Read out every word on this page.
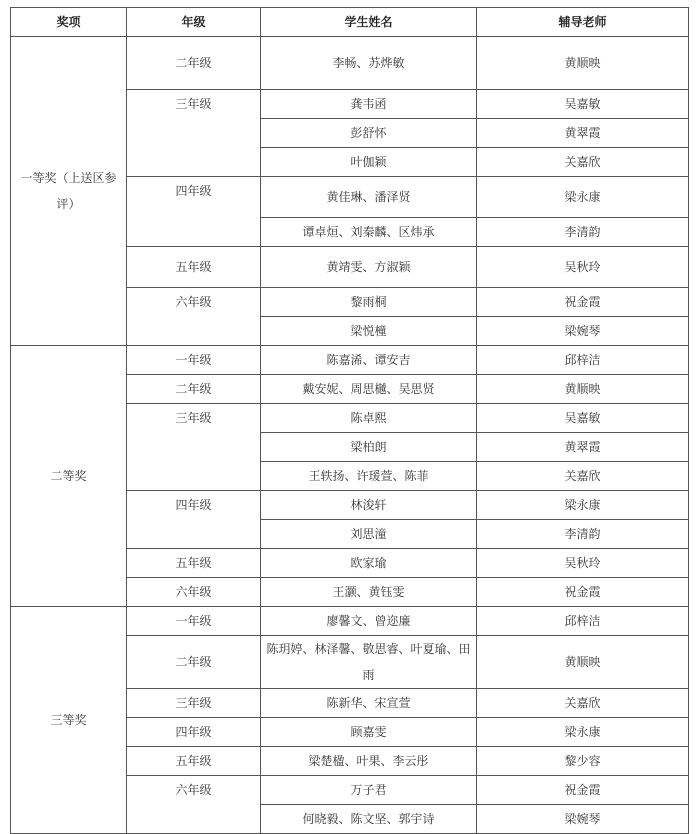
奖项	年级	学生姓名	辅导老师
一等奖（上送区参评）	二年级	李畅、苏烨敏	黄顺映
	三年级	龚韦函	吴嘉敏
		彭舒怀	黄翠霞
		叶伽颖	关嘉欣
	四年级	黄佳琳、潘泽贤	梁永康
		谭卓烜、刘秦麟、区炜承	李清韵
	五年级	黄靖雯、方淑颖	吴秋玲
	六年级	黎雨桐	祝金霞
		梁悦橦	梁婉琴
二等奖	一年级	陈嘉浠、谭安吉	邱梓洁
	二年级	戴安妮、周思樾、吴思贤	黄顺映
	三年级	陈卓熙	吴嘉敏
		梁柏朗	黄翠霞
		王轶扬、许瑗萱、陈菲	关嘉欣
	四年级	林浚轩	梁永康
		刘思潼	李清韵
	五年级	欧家瑜	吴秋玲
	六年级	王灏、黄钰雯	祝金霞
三等奖	一年级	廖馨文、曾迩廉	邱梓洁
	二年级	陈玥婷、林泽馨、敬思睿、叶夏瑜、田雨	黄顺映
	三年级	陈新华、宋宣萱	关嘉欣
	四年级	顾嘉雯	梁永康
	五年级	梁楚楹、叶果、李云彤	黎少容
	六年级	万子君	祝金霞
		何晓毅、陈文坚、郭宇诗	梁婉琴
